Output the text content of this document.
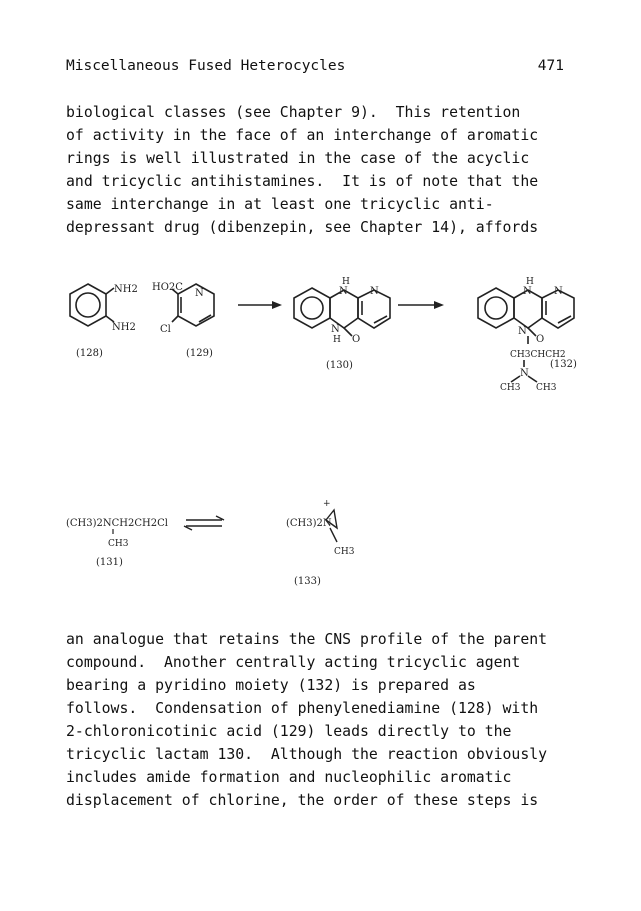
Miscellaneous Fused Heterocycles	471
biological classes (see Chapter 9).  This retention
of activity in the face of an interchange of aromatic
rings is well illustrated in the case of the acyclic
and tricyclic antihistamines.  It is of note that the
same interchange in at least one tricyclic anti-
depressant drug (dibenzepin, see Chapter 14), affords
NH2
NH2
(128)
HO2C
N
Cl
(129)
H
N N
N
H O
(130)
H
N N
N
O
CH3CHCH2
N
CH3 CH3
(132)
(CH3)2NCH2CH2Cl
CH3
(131)
(CH3)2N
+
CH3
(133)
an analogue that retains the CNS profile of the parent
compound.  Another centrally acting tricyclic agent
bearing a pyridino moiety (132) is prepared as
follows.  Condensation of phenylenediamine (128) with
2-chloronicotinic acid (129) leads directly to the
tricyclic lactam 130.  Although the reaction obviously
includes amide formation and nucleophilic aromatic
displacement of chlorine, the order of these steps is
